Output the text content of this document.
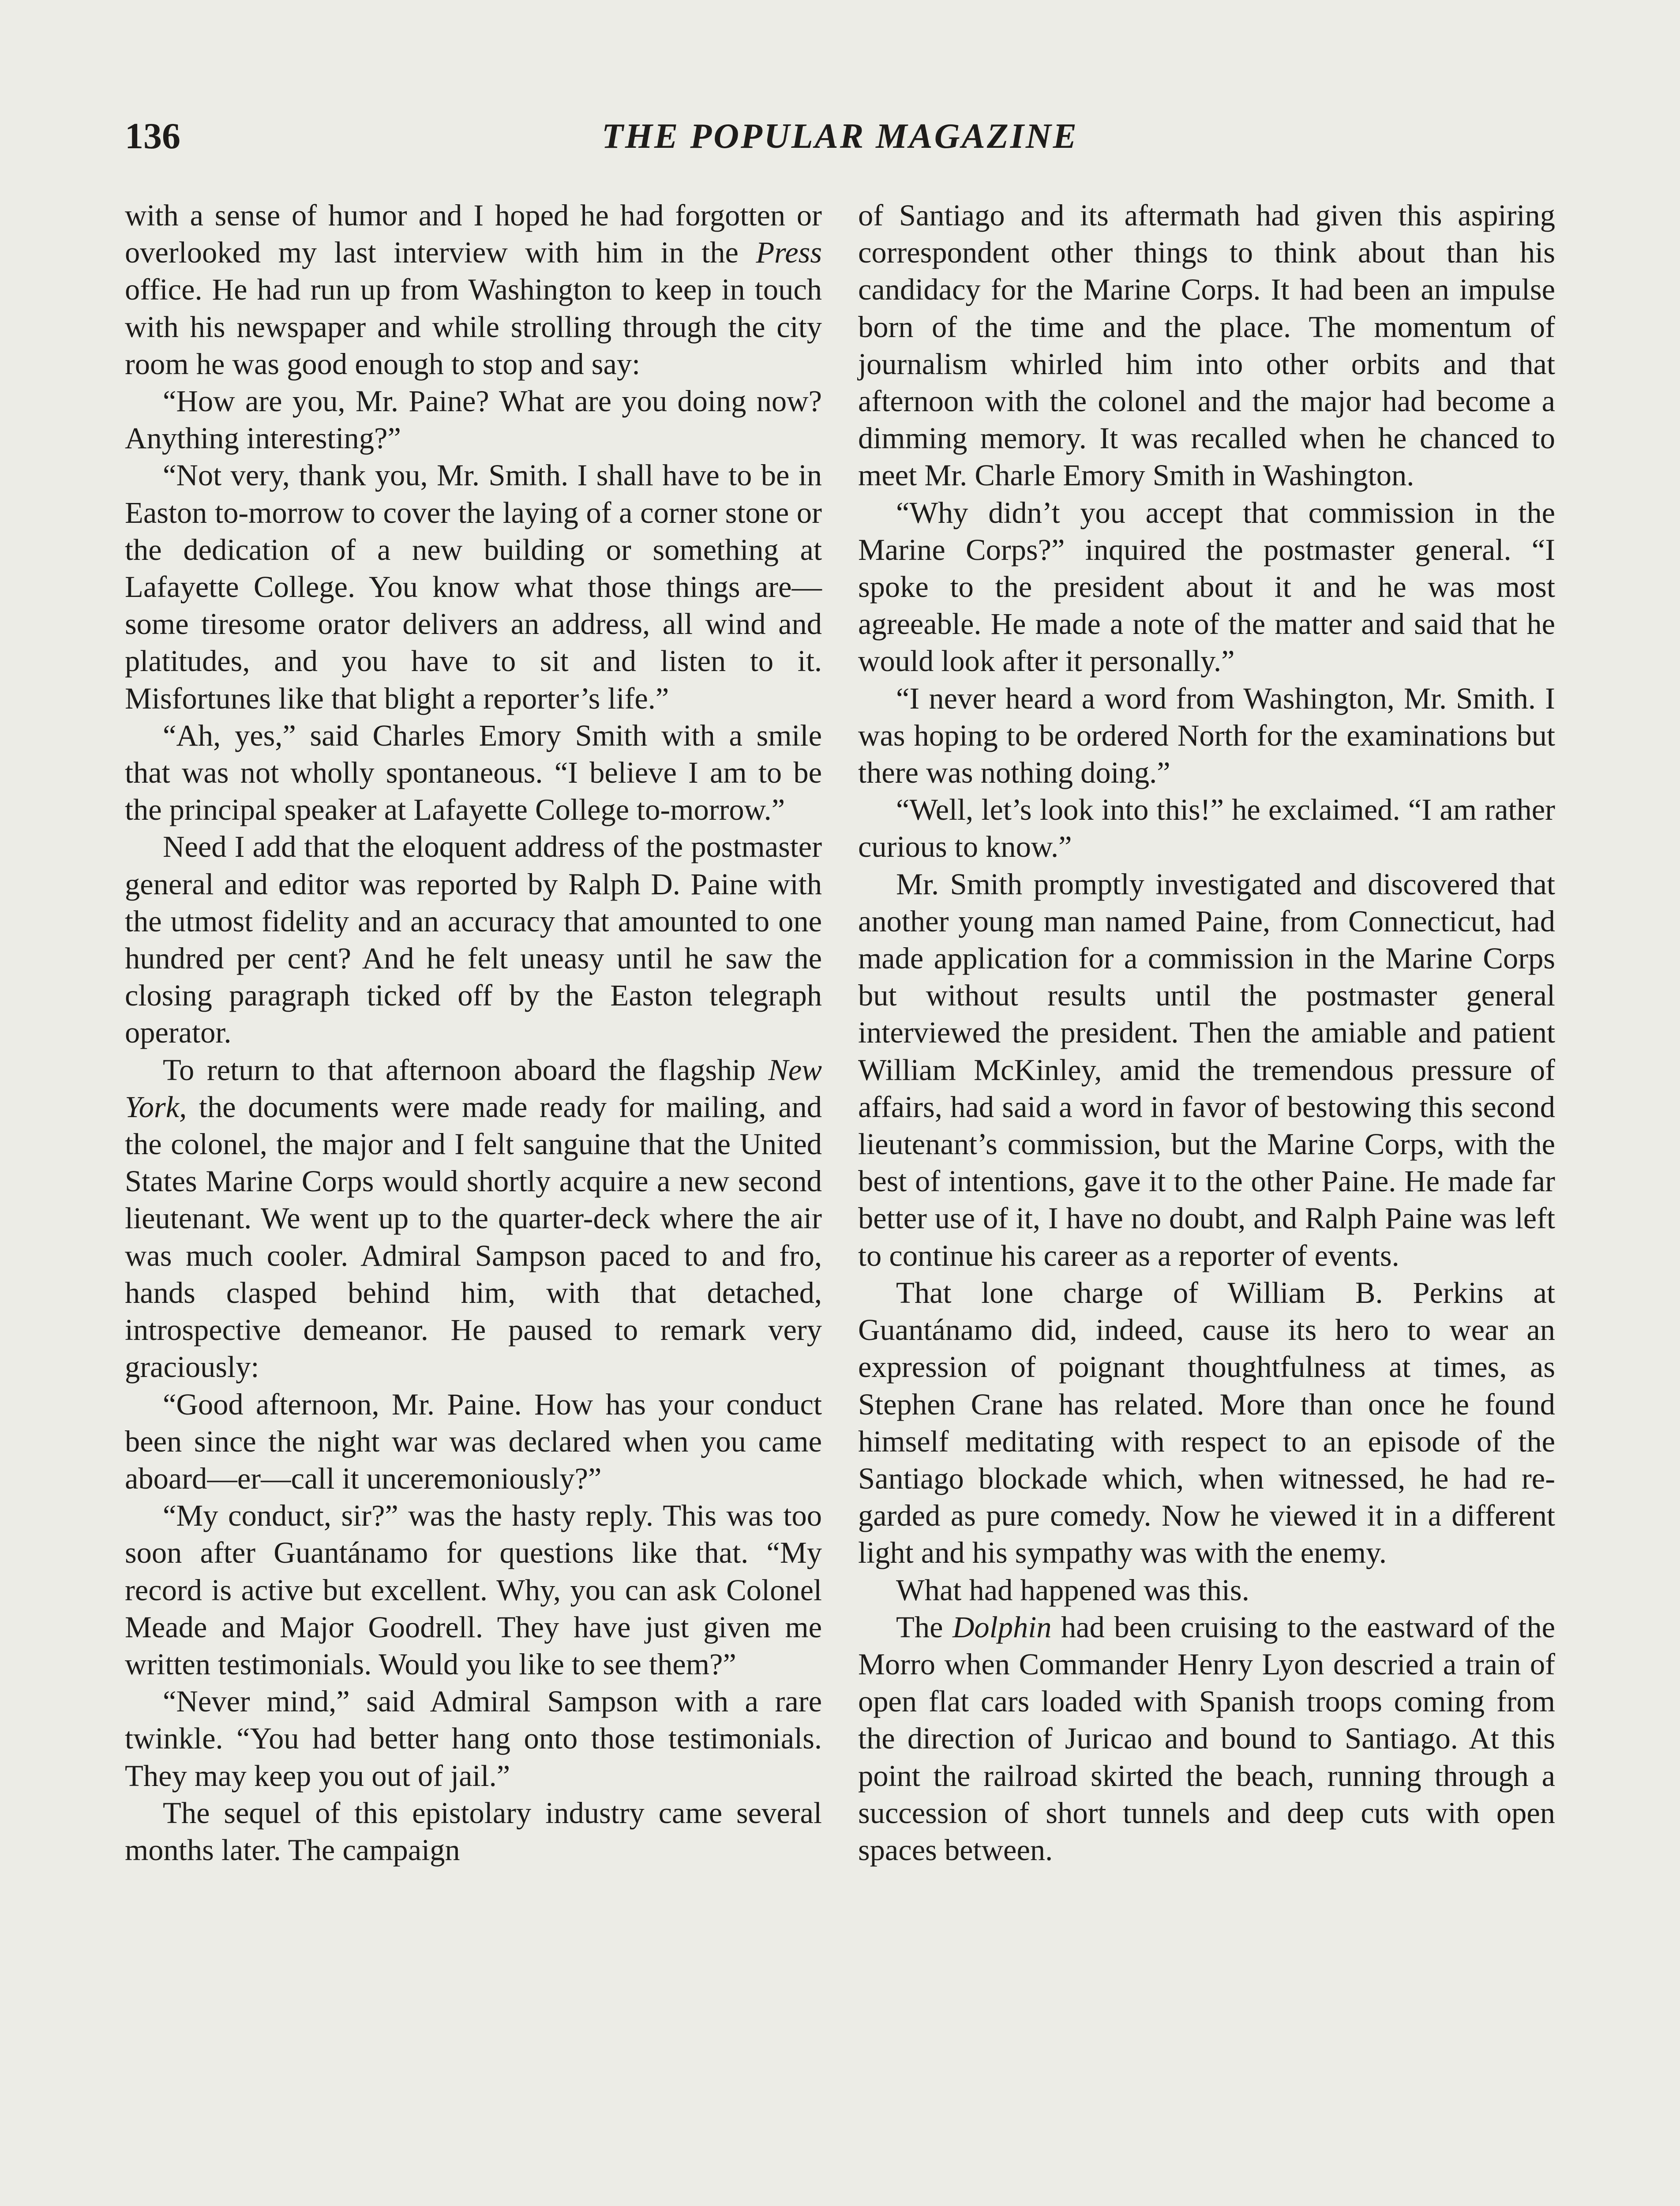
136	THE POPULAR MAGAZINE

with a sense of humor and I hoped he had forgotten or overlooked my last interview with him in the Press office. He had run up from Washington to keep in touch with his newspaper and while strolling through the city room he was good enough to stop and say:

“How are you, Mr. Paine? What are you doing now? Anything interesting?”

“Not very, thank you, Mr. Smith. I shall have to be in Easton to-morrow to cover the laying of a corner stone or the dedication of a new building or something at Lafayette College. You know what those things are—some tiresome orator delivers an address, all wind and platitudes, and you have to sit and listen to it. Misfortunes like that blight a reporter’s life.”

“Ah, yes,” said Charles Emory Smith with a smile that was not wholly spontaneous. “I believe I am to be the principal speaker at Lafayette College to-morrow.”

Need I add that the eloquent address of the postmaster general and editor was reported by Ralph D. Paine with the utmost fidelity and an accuracy that amounted to one hundred per cent? And he felt uneasy until he saw the closing paragraph ticked off by the Easton telegraph operator.

To return to that afternoon aboard the flagship New York, the documents were made ready for mailing, and the colonel, the major and I felt sanguine that the United States Marine Corps would shortly acquire a new second lieutenant. We went up to the quarter-deck where the air was much cooler. Admiral Sampson paced to and fro, hands clasped behind him, with that detached, introspective demeanor. He paused to remark very graciously:

“Good afternoon, Mr. Paine. How has your conduct been since the night war was declared when you came aboard—er—call it unceremoniously?”

“My conduct, sir?” was the hasty reply. This was too soon after Guantánamo for questions like that. “My record is active but excellent. Why, you can ask Colonel Meade and Major Goodrell. They have just given me written testimonials. Would you like to see them?”

“Never mind,” said Admiral Sampson with a rare twinkle. “You had better hang onto those testimonials. They may keep you out of jail.”

The sequel of this epistolary industry came several months later. The campaign

of Santiago and its aftermath had given this aspiring correspondent other things to think about than his candidacy for the Marine Corps. It had been an impulse born of the time and the place. The momentum of journalism whirled him into other orbits and that afternoon with the colonel and the major had become a dimming memory. It was recalled when he chanced to meet Mr. Charle Emory Smith in Washington.

“Why didn’t you accept that commission in the Marine Corps?” inquired the postmaster general. “I spoke to the president about it and he was most agreeable. He made a note of the matter and said that he would look after it personally.”

“I never heard a word from Washington, Mr. Smith. I was hoping to be ordered North for the examinations but there was nothing doing.”

“Well, let’s look into this!” he exclaimed. “I am rather curious to know.”

Mr. Smith promptly investigated and discovered that another young man named Paine, from Connecticut, had made application for a commission in the Marine Corps but without results until the postmaster general interviewed the president. Then the amiable and patient William McKinley, amid the tremendous pressure of affairs, had said a word in favor of bestowing this second lieutenant’s commission, but the Marine Corps, with the best of intentions, gave it to the other Paine. He made far better use of it, I have no doubt, and Ralph Paine was left to continue his career as a reporter of events.

That lone charge of William B. Perkins at Guantánamo did, indeed, cause its hero to wear an expression of poignant thoughtfulness at times, as Stephen Crane has related. More than once he found himself meditating with respect to an episode of the Santiago blockade which, when witnessed, he had regarded as pure comedy. Now he viewed it in a different light and his sympathy was with the enemy.

What had happened was this.

The Dolphin had been cruising to the eastward of the Morro when Commander Henry Lyon descried a train of open flat cars loaded with Spanish troops coming from the direction of Juricao and bound to Santiago. At this point the railroad skirted the beach, running through a succession of short tunnels and deep cuts with open spaces between.
